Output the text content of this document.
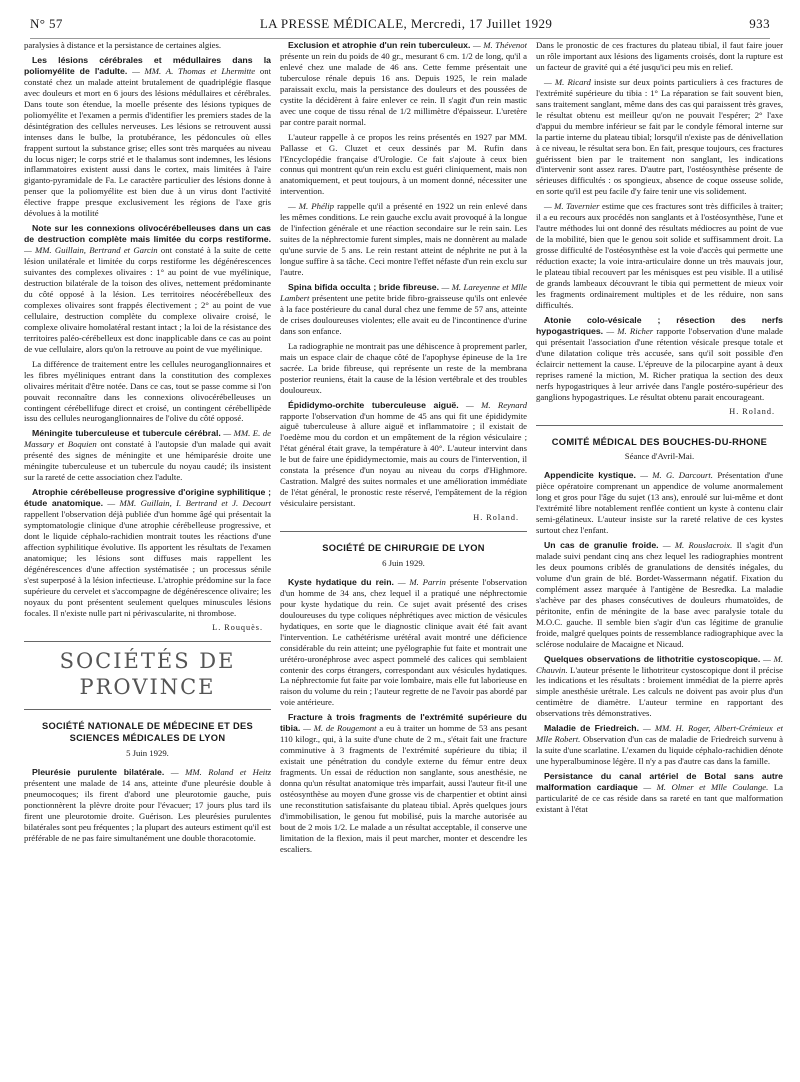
N° 57	LA PRESSE MÉDICALE, Mercredi, 17 Juillet 1929	933

paralysies à distance et la persistance de certaines algies.

Les lésions cérébrales et médullaires dans la poliomyélite de l'adulte. — MM. A. Thomas et Lhermitte ont constaté chez un malade atteint brutalement de quadriplégie flasque avec douleurs et mort en 6 jours des lésions médullaires et cérébrales. Dans toute son étendue, la moelle présente des lésions typiques de poliomyélite et l'examen a permis d'identifier les premiers stades de la désintégration des cellules nerveuses. Les lésions se retrouvent aussi intenses dans le bulbe, la protubérance, les pédoncules où elles frappent surtout la substance grise; elles sont très marquées au niveau du locus niger; le corps strié et le thalamus sont indemnes, les lésions inflammatoires existent aussi dans le cortex, mais limitées à l'aire giganto-pyramidale de Fa. Le caractère particulier des lésions donne à penser que la poliomyélite est bien due à un virus dont l'activité élective frappe presque exclusivement les régions de l'axe gris dévolues à la motilité

Note sur les connexions olivocérébelleuses dans un cas de destruction complète mais limitée du corps restiforme. — MM. Guillain, Bertrand et Garcin ont constaté à la suite de cette lésion unilatérale et limitée du corps restiforme les dégénérescences suivantes des complexes olivaires : 1° au point de vue myélinique, destruction bilatérale de la toison des olives, nettement prédominante du côté opposé à la lésion. Les territoires néocérébelleux des complexes olivaires sont frappés électivement ; 2° au point de vue cellulaire, destruction complète du complexe olivaire croisé, le complexe olivaire homolatéral restant intact ; la loi de la résistance des territoires paléo-cérébelleux est donc inapplicable dans ce cas au point de vue cellulaire, alors qu'on la retrouve au point de vue myélinique.

La différence de traitement entre les cellules neuroganglionnaires et les fibres myéliniques entrant dans la constitution des complexes olivaires méritait d'être notée. Dans ce cas, tout se passe comme si l'on pouvait reconnaître dans les connexions olivocérébelleuses un contingent cérébellifuge direct et croisé, un contingent cérébellipède issu des cellules neuroganglionnaires de l'olive du côté opposé.

Méningite tuberculeuse et tubercule cérébral. — MM. E. de Massary et Boquien ont constaté à l'autopsie d'un malade qui avait présenté des signes de méningite et une hémiparésie droite une méningite tuberculeuse et un tubercule du noyau caudé; ils insistent sur la rareté de cette association chez l'adulte.

Atrophie cérébelleuse progressive d'origine syphilitique ; étude anatomique. — MM. Guillain, I. Bertrand et J. Decourt rappellent l'observation déjà publiée d'un homme âgé qui présentait la symptomatologie clinique d'une atrophie cérébelleuse progressive, et dont le liquide céphalo-rachidien montrait toutes les réactions d'une affection syphilitique évolutive. Ils apportent les résultats de l'examen anatomique; les lésions sont diffuses mais rappellent les dégénérescences d'une affection systématisée ; un processus sénile s'est superposé à la lésion infectieuse. L'atrophie prédomine sur la face supérieure du cervelet et s'accompagne de dégénérescence olivaire; les noyaux du pont présentent seulement quelques minuscules lésions focales. Il n'existe nulle part ni périvascularite, ni thrombose.

L. Rouquès.
SOCIÉTÉS DE PROVINCE
SOCIÉTÉ NATIONALE DE MÉDECINE ET DES SCIENCES MÉDICALES DE LYON
5 Juin 1929.

Pleurésie purulente bilatérale. — MM. Roland et Heitz présentent une malade de 14 ans, atteinte d'une pleurésie double à pneumocoques; ils firent d'abord une pleurotomie gauche, puis ponctionnèrent la plèvre droite pour l'évacuer; 17 jours plus tard ils firent une pleurotomie droite. Guérison. Les pleurésies purulentes bilatérales sont peu fréquentes ; la plupart des auteurs estiment qu'il est préférable de ne pas faire simultanément une double thoracotomie.

Exclusion et atrophie d'un rein tuberculeux. — M. Thévenot présente un rein du poids de 40 gr., mesurant 6 cm. 1/2 de long, qu'il a enlevé chez une malade de 46 ans. Cette femme présentait une tuberculose rénale depuis 16 ans. Depuis 1925, le rein malade paraissait exclu, mais la persistance des douleurs et des poussées de cystite la décidèrent à faire enlever ce rein. Il s'agit d'un rein mastic avec une coque de tissu rénal de 1/2 millimètre d'épaisseur. L'uretère par contre parait normal.

L'auteur rappelle à ce propos les reins présentés en 1927 par MM. Pallasse et G. Cluzet et ceux dessinés par M. Rufin dans l'Encyclopédie française d'Urologie. Ce fait s'ajoute à ceux bien connus qui montrent qu'un rein exclu est guéri cliniquement, mais non anatomiquement, et peut toujours, à un moment donné, nécessiter une intervention.

— M. Phélip rappelle qu'il a présenté en 1922 un rein enlevé dans les mêmes conditions. Le rein gauche exclu avait provoqué à la longue de l'infection générale et une réaction secondaire sur le rein sain. Les suites de la néphrectomie furent simples, mais ne donnèrent au malade qu'une survie de 5 ans. Le rein restant atteint de néphrite ne put à la longue suffire à sa tâche. Ceci montre l'effet néfaste d'un rein exclu sur l'autre.

Spina bifida occulta ; bride fibreuse. — M. Lareyenne et Mlle Lambert présentent une petite bride fibro-graisseuse qu'ils ont enlevée à la face postérieure du canal dural chez une femme de 57 ans, atteinte de crises douloureuses violentes; elle avait eu de l'incontinence d'urine dans son enfance.

La radiographie ne montrait pas une déhiscence à proprement parler, mais un espace clair de chaque côté de l'apophyse épineuse de la 1re sacrée. La bride fibreuse, qui représente un reste de la membrana posterior reuniens, était la cause de la lésion vertébrale et des troubles douloureux.

Épididymo-orchite tuberculeuse aiguë. — M. Reynard rapporte l'observation d'un homme de 45 ans qui fit une épididymite aiguë tuberculeuse à allure aiguë et inflammatoire ; il existait de l'oedème mou du cordon et un empâtement de la région vésiculaire ; l'état général était grave, la température à 40°. L'auteur intervint dans le but de faire une épididymectomie, mais au cours de l'intervention, il constata la présence d'un noyau au niveau du corps d'Highmore. Castration. Malgré des suites normales et une amélioration immédiate de l'état général, le pronostic reste réservé, l'empâtement de la région vésiculaire persistant.

H. Roland.
SOCIÉTÉ DE CHIRURGIE DE LYON
6 Juin 1929.

Kyste hydatique du rein. — M. Parrin présente l'observation d'un homme de 34 ans, chez lequel il a pratiqué une néphrectomie pour kyste hydatique du rein. Ce sujet avait présenté des crises douloureuses du type coliques néphrétiques avec miction de vésicules hydatiques, en sorte que le diagnostic clinique avait été fait avant l'intervention. Le cathétérisme urétéral avait montré une déficience considérable du rein atteint; une pyélographie fut faite et montrait une urétéro-uronéphrose avec aspect pommelé des calices qui semblaient contenir des corps étrangers, correspondant aux vésicules hydatiques. La néphrectomie fut faite par voie lombaire, mais elle fut laborieuse en raison du volume du rein ; l'auteur regrette de ne l'avoir pas abordé par voie antérieure.

Fracture à trois fragments de l'extrémité supérieure du tibia. — M. de Rougemont a eu à traiter un homme de 53 ans pesant 110 kilogr., qui, à la suite d'une chute de 2 m., s'était fait une fracture comminutive à 3 fragments de l'extrémité supérieure du tibia; il existait une pénétration du condyle externe du fémur entre deux fragments. Un essai de réduction non sanglante, sous anesthésie, ne donna qu'un résultat anatomique très imparfait, aussi l'auteur fit-il une ostéosynthèse au moyen d'une grosse vis de charpentier et obtint ainsi une reconstitution satisfaisante du plateau tibial. Après quelques jours d'immobilisation, le genou fut mobilisé, puis la marche autorisée au bout de 2 mois 1/2. Le malade a un résultat acceptable, il conserve une limitation de la flexion, mais il peut marcher, monter et descendre les escaliers.

Dans le pronostic de ces fractures du plateau tibial, il faut faire jouer un rôle important aux lésions des ligaments croisés, dont la rupture est un facteur de gravité qui a été jusqu'ici peu mis en relief.

— M. Ricard insiste sur deux points particuliers à ces fractures de l'extrémité supérieure du tibia : 1° La réparation se fait souvent bien, sans traitement sanglant, même dans des cas qui paraissent très graves, le résultat obtenu est meilleur qu'on ne pouvait l'espérer; 2° l'axe d'appui du membre inférieur se fait par le condyle fémoral interne sur la partie interne du plateau tibial; lorsqu'il n'existe pas de dénivellation à ce niveau, le résultat sera bon. En fait, presque toujours, ces fractures guérissent bien par le traitement non sanglant, les indications d'intervenir sont assez rares. D'autre part, l'ostéosynthèse présente de sérieuses difficultés : os spongieux, absence de coque osseuse solide, en sorte qu'il est peu facile d'y faire tenir une vis solidement.

— M. Tavernier estime que ces fractures sont très difficiles à traiter; il a eu recours aux procédés non sanglants et à l'ostéosynthèse, l'une et l'autre méthodes lui ont donné des résultats médiocres au point de vue de la mobilité, bien que le genou soit solide et suffisamment droit. La grosse difficulté de l'ostéosynthèse est la voie d'accès qui permette une réduction exacte; la voie intra-articulaire donne un très mauvais jour, le plateau tibial recouvert par les ménisques est peu visible. Il a utilisé de grands lambeaux découvrant le tibia qui permettent de mieux voir les fragments ordinairement multiples et de les réduire, non sans difficultés.

Atonie colo-vésicale ; résection des nerfs hypogastriques. — M. Richer rapporte l'observation d'une malade qui présentait l'association d'une rétention vésicale presque totale et d'une dilatation colique très accusée, sans qu'il soit possible d'en éclaircir nettement la cause. L'épreuve de la pilocarpine ayant à deux reprises ramené la miction, M. Richer pratiqua la section des deux nerfs hypogastriques à leur arrivée dans l'angle postéro-supérieur des ganglions hypogastriques. Le résultat obtenu parait encourageant.

H. Roland.
COMITÉ MÉDICAL DES BOUCHES-DU-RHONE
Séance d'Avril-Mai.

Appendicite kystique. — M. G. Darcourt. Présentation d'une pièce opératoire comprenant un appendice de volume anormalement long et gros pour l'âge du sujet (13 ans), enroulé sur lui-même et dont l'extrémité libre notablement renflée contient un kyste à contenu clair semi-gélatineux. L'auteur insiste sur la rareté relative de ces kystes surtout chez l'enfant.

Un cas de granulie froide. — M. Rouslacroix. Il s'agit d'un malade suivi pendant cinq ans chez lequel les radiographies montrent les deux poumons criblés de granulations de densités inégales, du volume d'un grain de blé. Bordet-Wassermann négatif. Fixation du complément assez marquée à l'antigène de Besredka. La maladie s'achève par des phases consécutives de douleurs rhumatoïdes, de péritonite, enfin de méningite de la base avec paralysie totale du M.O.C. gauche. Il semble bien s'agir d'un cas légitime de granulie froide, malgré quelques points de ressemblance radiographique avec la sclérose nodulaire de Macaigne et Nicaud.

Quelques observations de lithotritie cystoscopique. — M. Chauvin. L'auteur présente le lithotriteur cystoscopique dont il précise les indications et les résultats : broiement immédiat de la pierre après simple anesthésie urétrale. Les calculs ne doivent pas avoir plus d'un centimètre de diamètre. L'auteur termine en rapportant des observations très démonstratives.

Maladie de Friedreich. — MM. H. Roger, Albert-Crémieux et Mlle Robert. Observation d'un cas de maladie de Friedreich survenu à la suite d'une scarlatine. L'examen du liquide céphalo-rachidien dénote une hyperalbuminose légère. Il n'y a pas d'autre cas dans la famille.

Persistance du canal artériel de Botal sans autre malformation cardiaque — M. Olmer et Mlle Coulange. La particularité de ce cas réside dans sa rareté en tant que malformation existant à l'état
